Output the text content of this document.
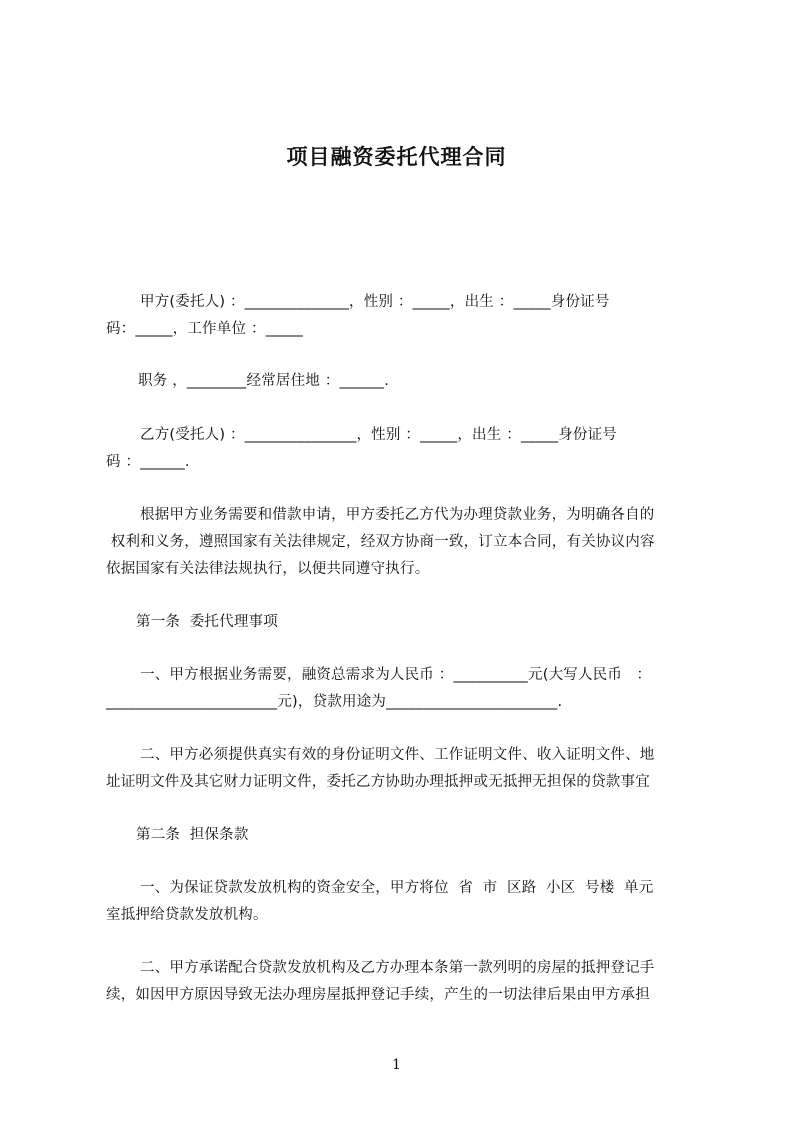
项目融资委托代理合同
甲方(委托人) ：______________，性别 ：_____，出生 ：_____身份证号
码：_____，工作单位 ：_____
职务 ，________经常居住地 ：______.
乙方(受托人) ：_______________，性别 ：_____，出生 ：_____身份证号
码 ：______.
根据甲方业务需要和借款申请，甲方委托乙方代为办理贷款业务，为明确各自的
权利和义务，遵照国家有关法律规定，经双方协商一致，订立本合同，有关协议内容
依据国家有关法律法规执行，以便共同遵守执行。
第一条  委托代理事项
一、甲方根据业务需要，融资总需求为人民币 ：__________元(大写人民币   ：
_______________________元)，贷款用途为_______________________.
二、甲方必须提供真实有效的身份证明文件、工作证明文件、收入证明文件、地
址证明文件及其它财力证明文件，委托乙方协助办理抵押或无抵押无担保的贷款事宜
第二条  担保条款
一、为保证贷款发放机构的资金安全，甲方将位  省  市  区路  小区  号楼  单元
室抵押给贷款发放机构。
二、甲方承诺配合贷款发放机构及乙方办理本条第一款列明的房屋的抵押登记手
续，如因甲方原因导致无法办理房屋抵押登记手续，产生的一切法律后果由甲方承担
1
